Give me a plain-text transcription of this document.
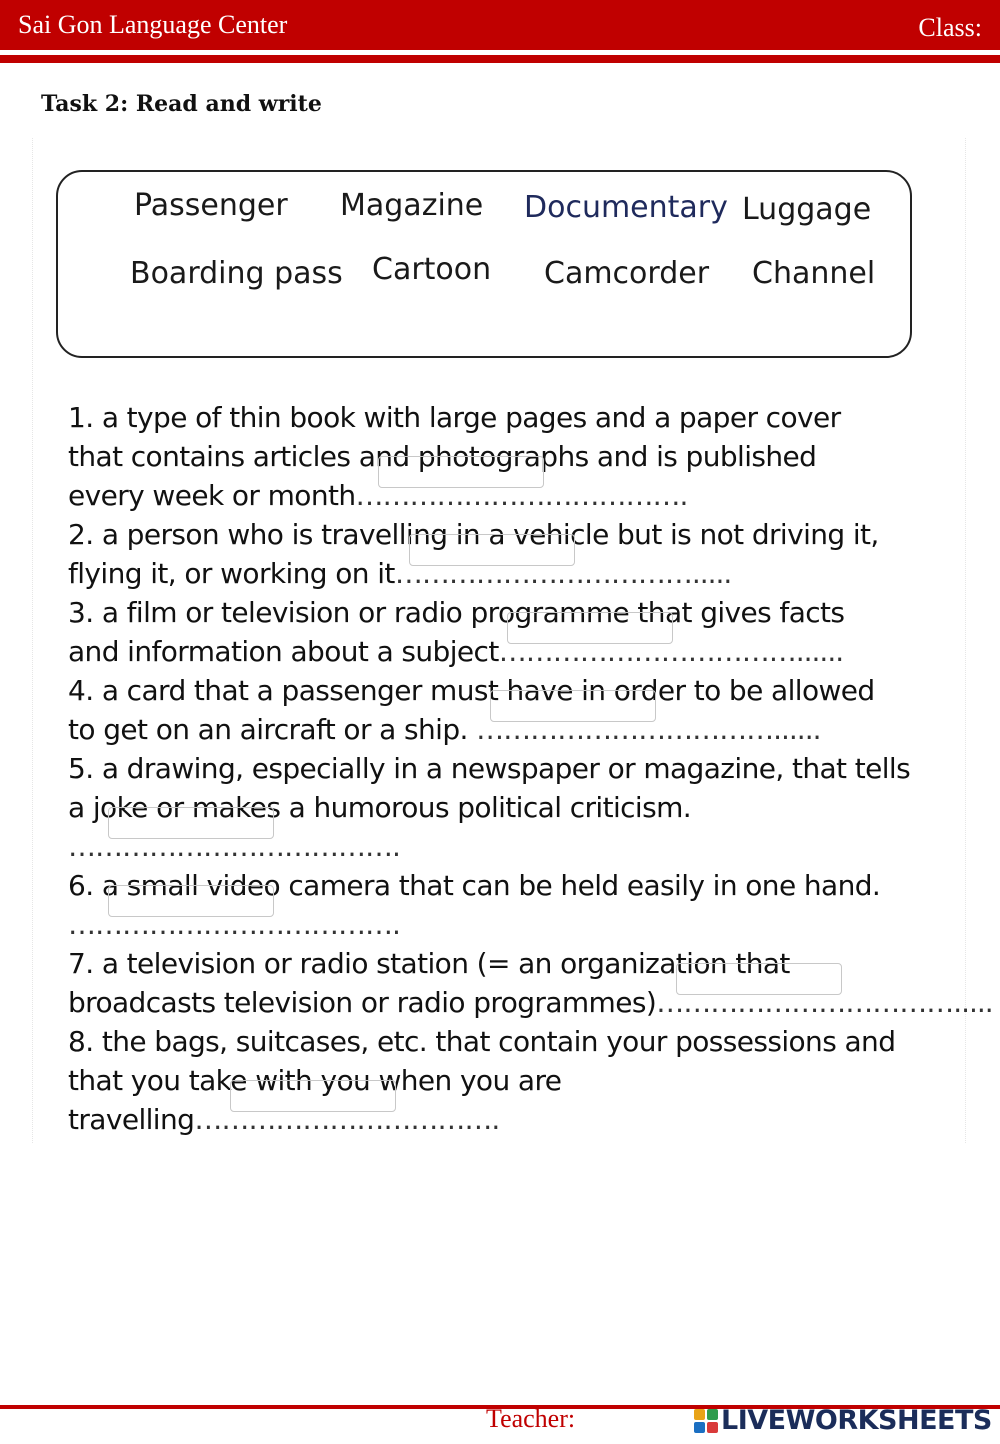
Sai Gon Language Center	Class:
Task 2: Read and write
Passenger Magazine Documentary Luggage
Boarding pass Cartoon Camcorder Channel
1. a type of thin book with large pages and a paper cover
that contains articles and photographs and is published
every week or month……………………………….
2. a person who is travelling in a vehicle but is not driving it,
flying it, or working on it…………………………….....
3. a film or television or radio programme that gives facts
and information about a subject……………………………......
4. a card that a passenger must have in order to be allowed
to get on an aircraft or a ship. ……………………………......
5. a drawing, especially in a newspaper or magazine, that tells
a joke or makes a humorous political criticism.
……………………………….
6. a small video camera that can be held easily in one hand.
……………………………….
7. a television or radio station (= an organization that
broadcasts television or radio programmes)…………………………….....
8. the bags, suitcases, etc. that contain your possessions and
that you take with you when you are
travelling…………………………….
Teacher:	LIVEWORKSHEETS
